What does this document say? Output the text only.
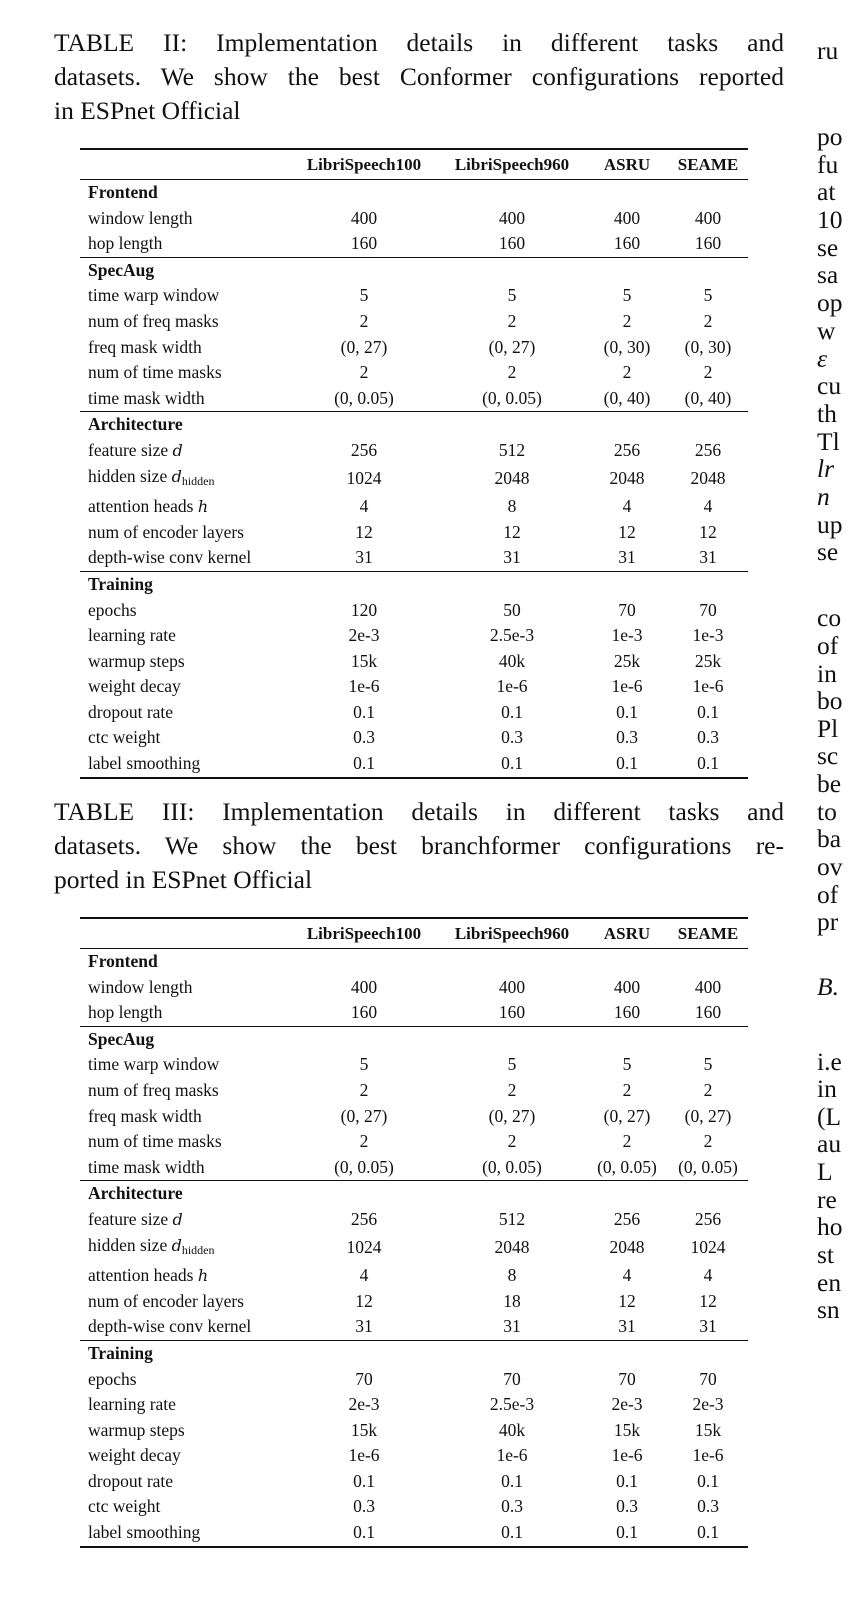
TABLE II: Implementation details in different tasks and
datasets. We show the best Conformer configurations reported
in ESPnet Official
	LibriSpeech100	LibriSpeech960	ASRU	SEAME
Frontend				
window length	400	400	400	400
hop length	160	160	160	160
SpecAug				
time warp window	5	5	5	5
num of freq masks	2	2	2	2
freq mask width	(0, 27)	(0, 27)	(0, 30)	(0, 30)
num of time masks	2	2	2	2
time mask width	(0, 0.05)	(0, 0.05)	(0, 40)	(0, 40)
Architecture				
feature size d	256	512	256	256
hidden size $d_{hidden}$	1024	2048	2048	2048
attention heads h	4	8	4	4
num of encoder layers	12	12	12	12
depth-wise conv kernel	31	31	31	31
Training				
epochs	120	50	70	70
learning rate	2e-3	2.5e-3	1e-3	1e-3
warmup steps	15k	40k	25k	25k
weight decay	1e-6	1e-6	1e-6	1e-6
dropout rate	0.1	0.1	0.1	0.1
ctc weight	0.3	0.3	0.3	0.3
label smoothing	0.1	0.1	0.1	0.1
TABLE III: Implementation details in different tasks and
datasets. We show the best branchformer configurations re-
ported in ESPnet Official
	LibriSpeech100	LibriSpeech960	ASRU	SEAME
Frontend				
window length	400	400	400	400
hop length	160	160	160	160
SpecAug				
time warp window	5	5	5	5
num of freq masks	2	2	2	2
freq mask width	(0, 27)	(0, 27)	(0, 27)	(0, 27)
num of time masks	2	2	2	2
time mask width	(0, 0.05)	(0, 0.05)	(0, 0.05)	(0, 0.05)
Architecture				
feature size d	256	512	256	256
hidden size $d_{hidden}$	1024	2048	2048	1024
attention heads h	4	8	4	4
num of encoder layers	12	18	12	12
depth-wise conv kernel	31	31	31	31
Training				
epochs	70	70	70	70
learning rate	2e-3	2.5e-3	2e-3	2e-3
warmup steps	15k	40k	15k	15k
weight decay	1e-6	1e-6	1e-6	1e-6
dropout rate	0.1	0.1	0.1	0.1
ctc weight	0.3	0.3	0.3	0.3
label smoothing	0.1	0.1	0.1	0.1
ru
po
fu
at
10
se
sa
op
w
ε
cu
th
Tl
lr
n
up
se
co
of
in
bo
Pl
sc
be
to
ba
ov
of
pr
B.
i.e
in
(L
au
L
re
ho
st
en
sn
